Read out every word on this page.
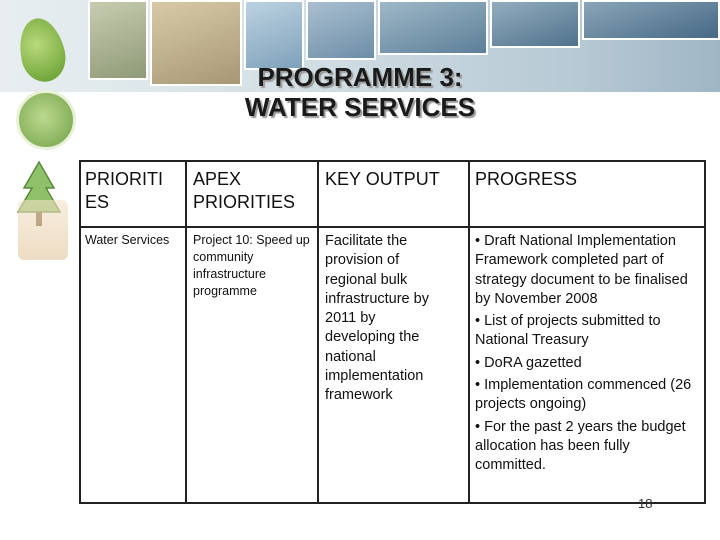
PROGRAMME 3:
WATER SERVICES
PRIORITI
ES
APEX
PRIORITIES
KEY OUTPUT	PROGRESS
Water Services	Project 10: Speed up community infrastructure programme
Facilitate the provision of regional bulk infrastructure by 2011 by developing the national implementation framework

• Draft National Implementation Framework completed part of strategy document to be finalised by November 2008

• List of projects submitted to National Treasury

• DoRA gazetted

• Implementation commenced (26 projects ongoing)

• For the past 2 years the budget allocation has been fully committed.

18
